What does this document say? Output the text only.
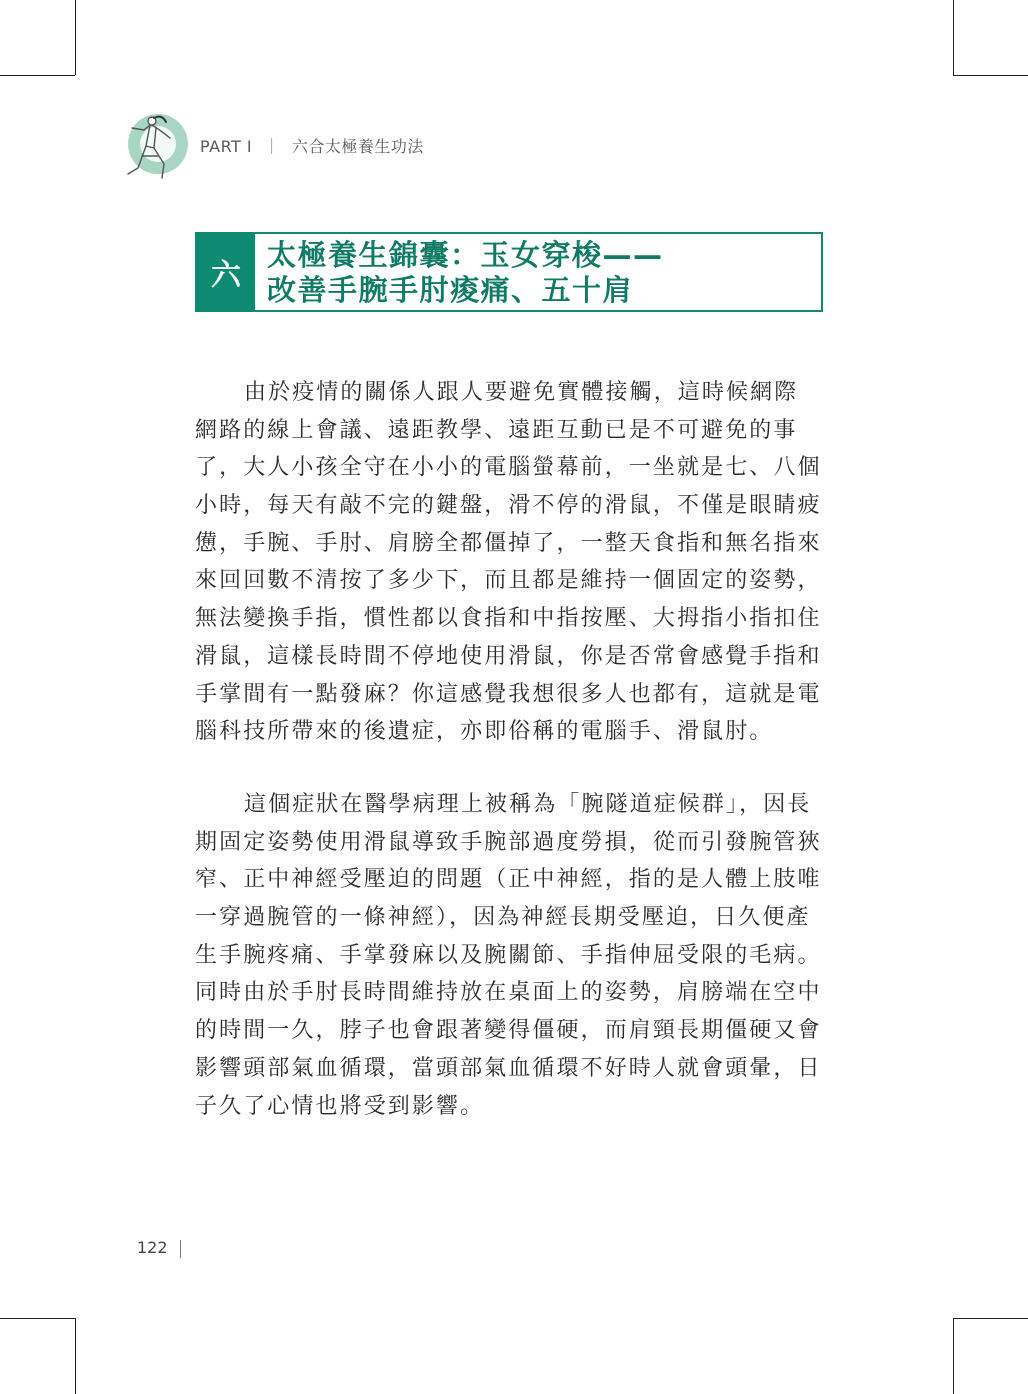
PART Ⅰ ｜ 六合太極養生功法
六
太極養生錦囊：玉女穿梭——
改善手腕手肘痠痛、五十肩

由於疫情的關係人跟人要避免實體接觸，這時候網際
網路的線上會議、遠距教學、遠距互動已是不可避免的事
了，大人小孩全守在小小的電腦螢幕前，一坐就是七、八個
小時，每天有敲不完的鍵盤，滑不停的滑鼠，不僅是眼睛疲
憊，手腕、手肘、肩膀全都僵掉了，一整天食指和無名指來
來回回數不清按了多少下，而且都是維持一個固定的姿勢，
無法變換手指，慣性都以食指和中指按壓、大拇指小指扣住
滑鼠，這樣長時間不停地使用滑鼠，你是否常會感覺手指和
手掌間有一點發麻？你這感覺我想很多人也都有，這就是電
腦科技所帶來的後遺症，亦即俗稱的電腦手、滑鼠肘。

這個症狀在醫學病理上被稱為「腕隧道症候群」，因長
期固定姿勢使用滑鼠導致手腕部過度勞損，從而引發腕管狹
窄、正中神經受壓迫的問題（正中神經，指的是人體上肢唯
一穿過腕管的一條神經），因為神經長期受壓迫，日久便產
生手腕疼痛、手掌發麻以及腕關節、手指伸屈受限的毛病。
同時由於手肘長時間維持放在桌面上的姿勢，肩膀端在空中
的時間一久，脖子也會跟著變得僵硬，而肩頸長期僵硬又會
影響頭部氣血循環，當頭部氣血循環不好時人就會頭暈，日
子久了心情也將受到影響。

122
